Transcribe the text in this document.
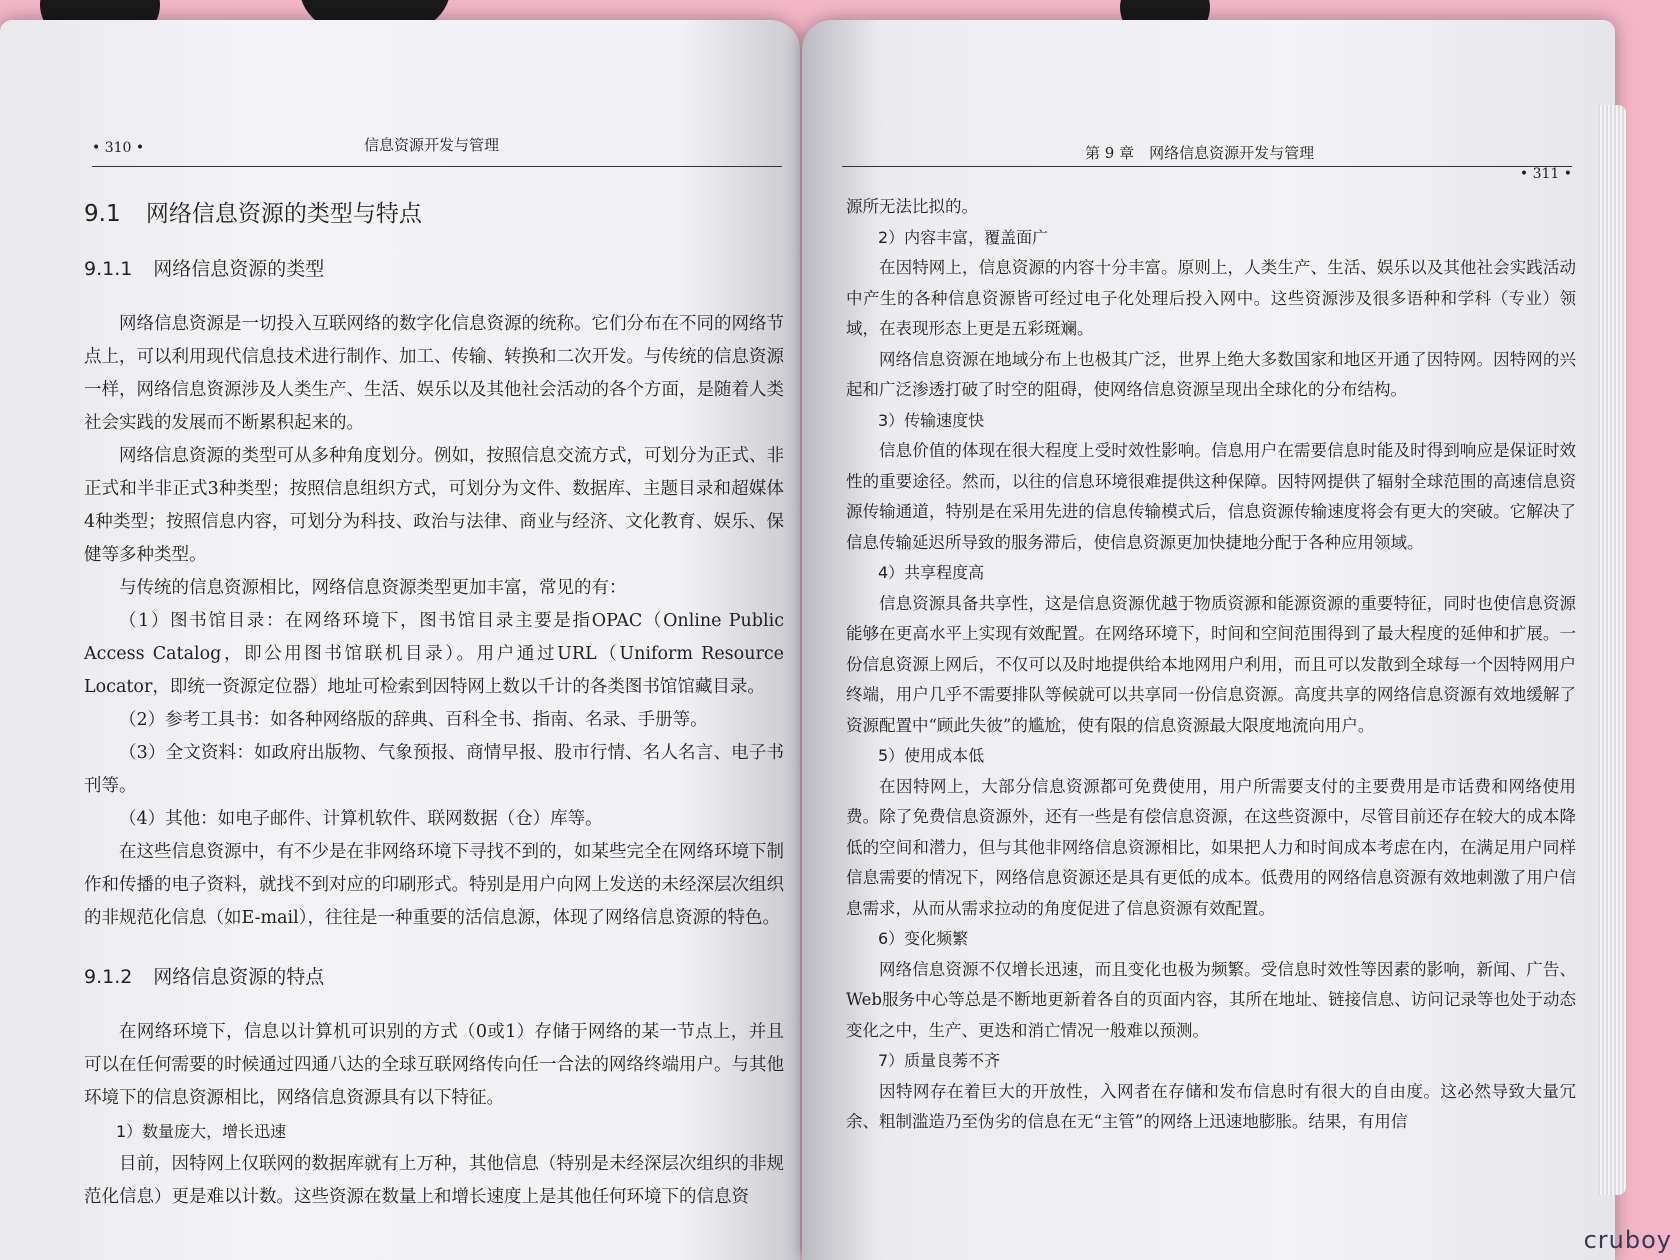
• 310 •	信息资源开发与管理
9.1 网络信息资源的类型与特点
9.1.1 网络信息资源的类型

网络信息资源是一切投入互联网络的数字化信息资源的统称。它们分布在不同的网络节点上，可以利用现代信息技术进行制作、加工、传输、转换和二次开发。与传统的信息资源一样，网络信息资源涉及人类生产、生活、娱乐以及其他社会活动的各个方面，是随着人类社会实践的发展而不断累积起来的。

网络信息资源的类型可从多种角度划分。例如，按照信息交流方式，可划分为正式、非正式和半非正式3种类型；按照信息组织方式，可划分为文件、数据库、主题目录和超媒体4种类型；按照信息内容，可划分为科技、政治与法律、商业与经济、文化教育、娱乐、保健等多种类型。

与传统的信息资源相比，网络信息资源类型更加丰富，常见的有：

（1）图书馆目录：在网络环境下，图书馆目录主要是指OPAC（Online Public Access Catalog，即公用图书馆联机目录）。用户通过URL（Uniform Resource Locator，即统一资源定位器）地址可检索到因特网上数以千计的各类图书馆馆藏目录。

（2）参考工具书：如各种网络版的辞典、百科全书、指南、名录、手册等。

（3）全文资料：如政府出版物、气象预报、商情早报、股市行情、名人名言、电子书刊等。

（4）其他：如电子邮件、计算机软件、联网数据（仓）库等。

在这些信息资源中，有不少是在非网络环境下寻找不到的，如某些完全在网络环境下制作和传播的电子资料，就找不到对应的印刷形式。特别是用户向网上发送的未经深层次组织的非规范化信息（如E-mail），往往是一种重要的活信息源，体现了网络信息资源的特色。

9.1.2 网络信息资源的特点

在网络环境下，信息以计算机可识别的方式（0或1）存储于网络的某一节点上，并且可以在任何需要的时候通过四通八达的全球互联网络传向任一合法的网络终端用户。与其他环境下的信息资源相比，网络信息资源具有以下特征。

1）数量庞大，增长迅速

目前，因特网上仅联网的数据库就有上万种，其他信息（特别是未经深层次组织的非规范化信息）更是难以计数。这些资源在数量上和增长速度上是其他任何环境下的信息资

第 9 章　网络信息资源开发与管理
• 311 •

源所无法比拟的。

2）内容丰富，覆盖面广

在因特网上，信息资源的内容十分丰富。原则上，人类生产、生活、娱乐以及其他社会实践活动中产生的各种信息资源皆可经过电子化处理后投入网中。这些资源涉及很多语种和学科（专业）领域，在表现形态上更是五彩斑斓。

网络信息资源在地域分布上也极其广泛，世界上绝大多数国家和地区开通了因特网。因特网的兴起和广泛渗透打破了时空的阻碍，使网络信息资源呈现出全球化的分布结构。

3）传输速度快

信息价值的体现在很大程度上受时效性影响。信息用户在需要信息时能及时得到响应是保证时效性的重要途径。然而，以往的信息环境很难提供这种保障。因特网提供了辐射全球范围的高速信息资源传输通道，特别是在采用先进的信息传输模式后，信息资源传输速度将会有更大的突破。它解决了信息传输延迟所导致的服务滞后，使信息资源更加快捷地分配于各种应用领域。

4）共享程度高

信息资源具备共享性，这是信息资源优越于物质资源和能源资源的重要特征，同时也使信息资源能够在更高水平上实现有效配置。在网络环境下，时间和空间范围得到了最大程度的延伸和扩展。一份信息资源上网后，不仅可以及时地提供给本地网用户利用，而且可以发散到全球每一个因特网用户终端，用户几乎不需要排队等候就可以共享同一份信息资源。高度共享的网络信息资源有效地缓解了资源配置中“顾此失彼”的尴尬，使有限的信息资源最大限度地流向用户。

5）使用成本低

在因特网上，大部分信息资源都可免费使用，用户所需要支付的主要费用是市话费和网络使用费。除了免费信息资源外，还有一些是有偿信息资源，在这些资源中，尽管目前还存在较大的成本降低的空间和潜力，但与其他非网络信息资源相比，如果把人力和时间成本考虑在内，在满足用户同样信息需要的情况下，网络信息资源还是具有更低的成本。低费用的网络信息资源有效地刺激了用户信息需求，从而从需求拉动的角度促进了信息资源有效配置。

6）变化频繁

网络信息资源不仅增长迅速，而且变化也极为频繁。受信息时效性等因素的影响，新闻、广告、Web服务中心等总是不断地更新着各自的页面内容，其所在地址、链接信息、访问记录等也处于动态变化之中，生产、更迭和消亡情况一般难以预测。

7）质量良莠不齐

因特网存在着巨大的开放性，入网者在存储和发布信息时有很大的自由度。这必然导致大量冗余、粗制滥造乃至伪劣的信息在无“主管”的网络上迅速地膨胀。结果，有用信

cruboy
